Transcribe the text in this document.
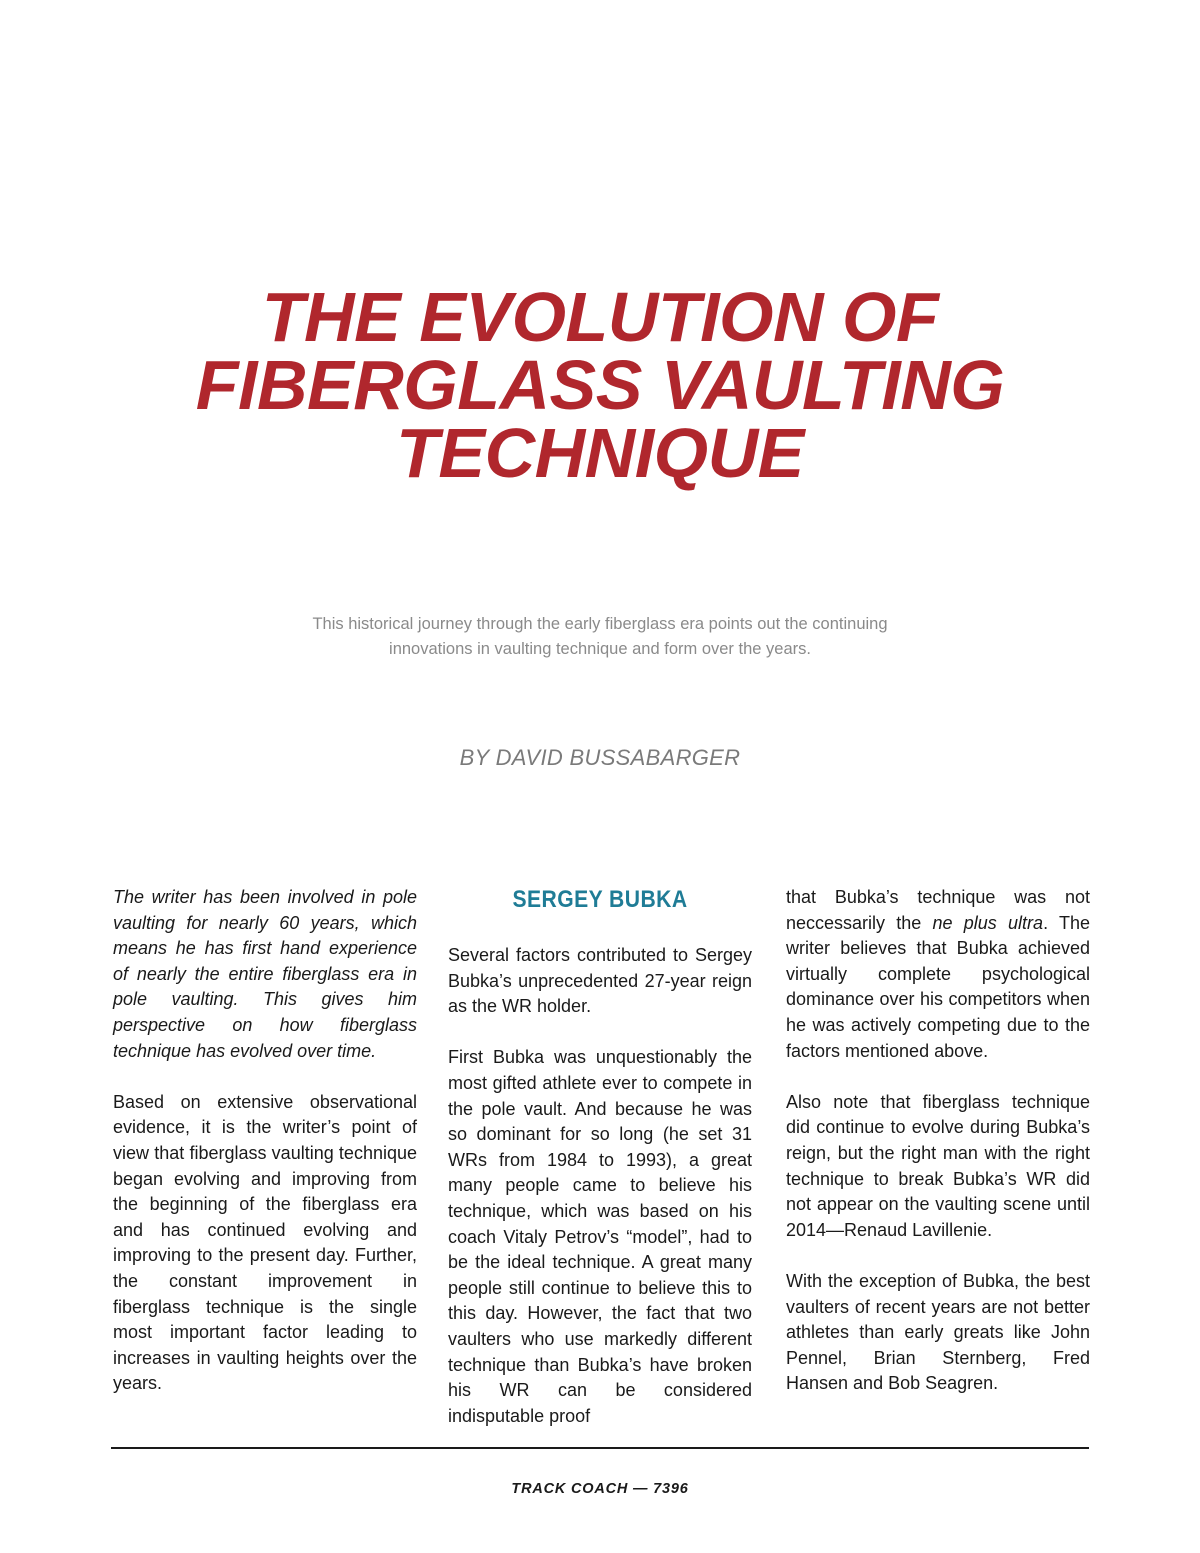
THE EVOLUTION OF
FIBERGLASS VAULTING
TECHNIQUE

This historical journey through the early fiberglass era points out the continuing
innovations in vaulting technique and form over the years.

BY DAVID BUSSABARGER

The writer has been involved in pole vaulting for nearly 60 years, which means he has first hand experience of nearly the entire fiberglass era in pole vaulting. This gives him perspective on how fiberglass technique has evolved over time.

Based on extensive observational evidence, it is the writer’s point of view that fiberglass vaulting technique began evolving and improving from the beginning of the fiberglass era and has continued evolving and improving to the present day. Further, the constant improvement in fiberglass technique is the single most important factor leading to increases in vaulting heights over the years.

SERGEY BUBKA

Several factors contributed to Sergey Bubka’s unprecedented 27-year reign as the WR holder.

First Bubka was unquestionably the most gifted athlete ever to compete in the pole vault. And because he was so dominant for so long (he set 31 WRs from 1984 to 1993), a great many people came to believe his technique, which was based on his coach Vitaly Petrov’s “model”, had to be the ideal technique. A great many people still continue to believe this to this day. However, the fact that two vaulters who use markedly different technique than Bubka’s have broken his WR can be considered indisputable proof

that Bubka’s technique was not neccessarily the ne plus ultra. The writer believes that Bubka achieved virtually complete psychological dominance over his competitors when he was actively competing due to the factors mentioned above.

Also note that fiberglass technique did continue to evolve during Bubka’s reign, but the right man with the right technique to break Bubka’s WR did not appear on the vaulting scene until 2014—Renaud Lavillenie.

With the exception of Bubka, the best vaulters of recent years are not better athletes than early greats like John Pennel, Brian Sternberg, Fred Hansen and Bob Seagren.

TRACK COACH — 7396
